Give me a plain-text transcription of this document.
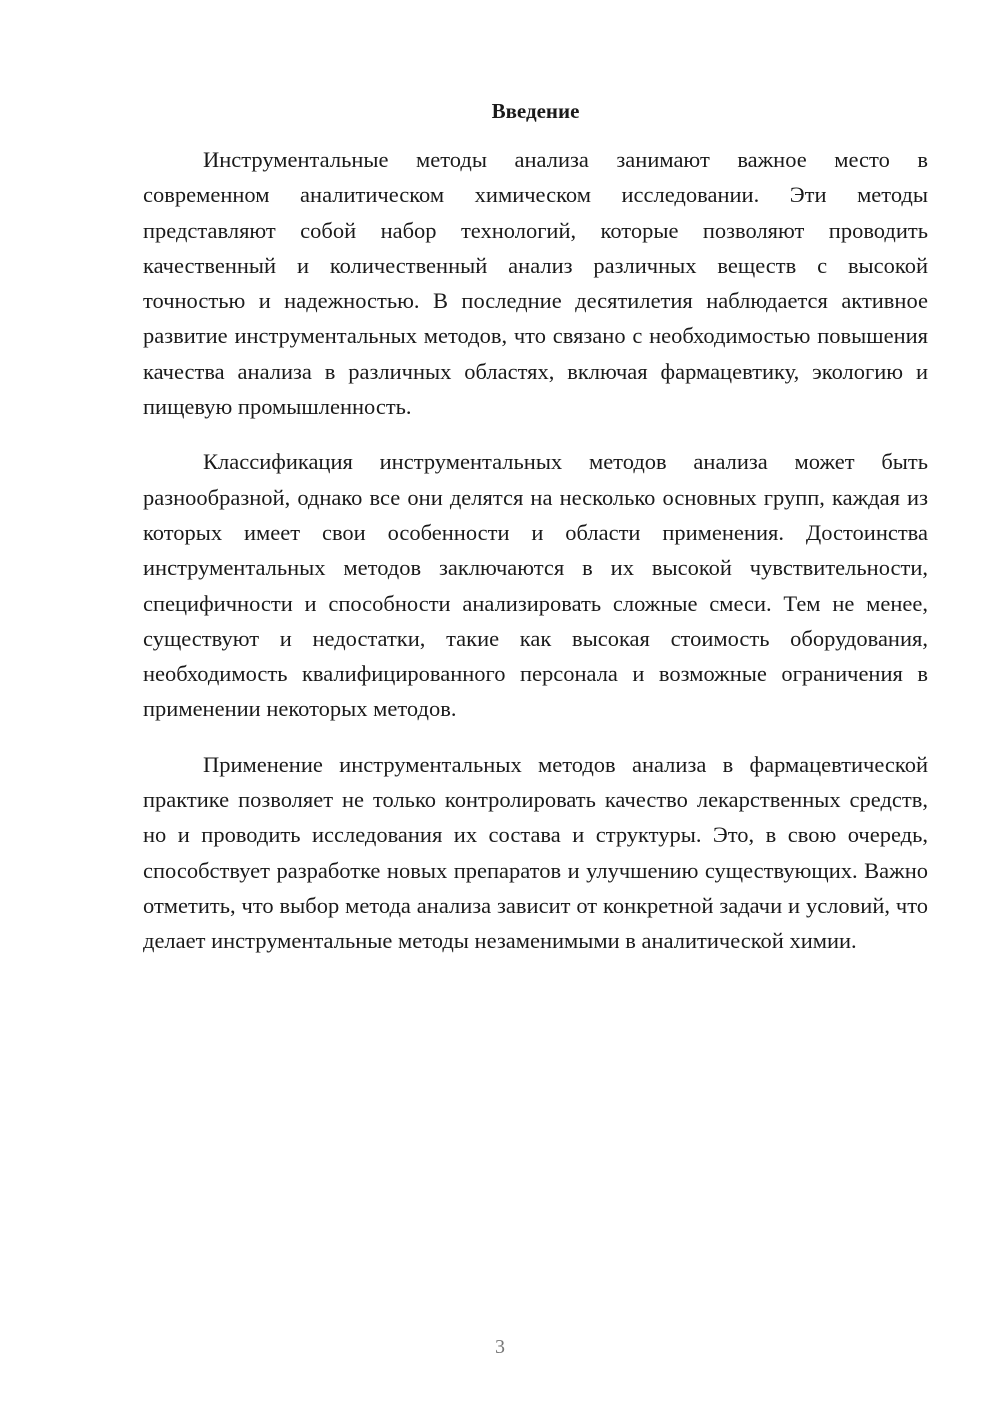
Введение

Инструментальные методы анализа занимают важное место в современном аналитическом химическом исследовании. Эти методы представляют собой набор технологий, которые позволяют проводить качественный и количественный анализ различных веществ с высокой точностью и надежностью. В последние десятилетия наблюдается активное развитие инструментальных методов, что связано с необходимостью повышения качества анализа в различных областях, включая фармацевтику, экологию и пищевую промышленность.

Классификация инструментальных методов анализа может быть разнообразной, однако все они делятся на несколько основных групп, каждая из которых имеет свои особенности и области применения. Достоинства инструментальных методов заключаются в их высокой чувствительности, специфичности и способности анализировать сложные смеси. Тем не менее, существуют и недостатки, такие как высокая стоимость оборудования, необходимость квалифицированного персонала и возможные ограничения в применении некоторых методов.

Применение инструментальных методов анализа в фармацевтической практике позволяет не только контролировать качество лекарственных средств, но и проводить исследования их состава и структуры. Это, в свою очередь, способствует разработке новых препаратов и улучшению существующих. Важно отметить, что выбор метода анализа зависит от конкретной задачи и условий, что делает инструментальные методы незаменимыми в аналитической химии.

3
